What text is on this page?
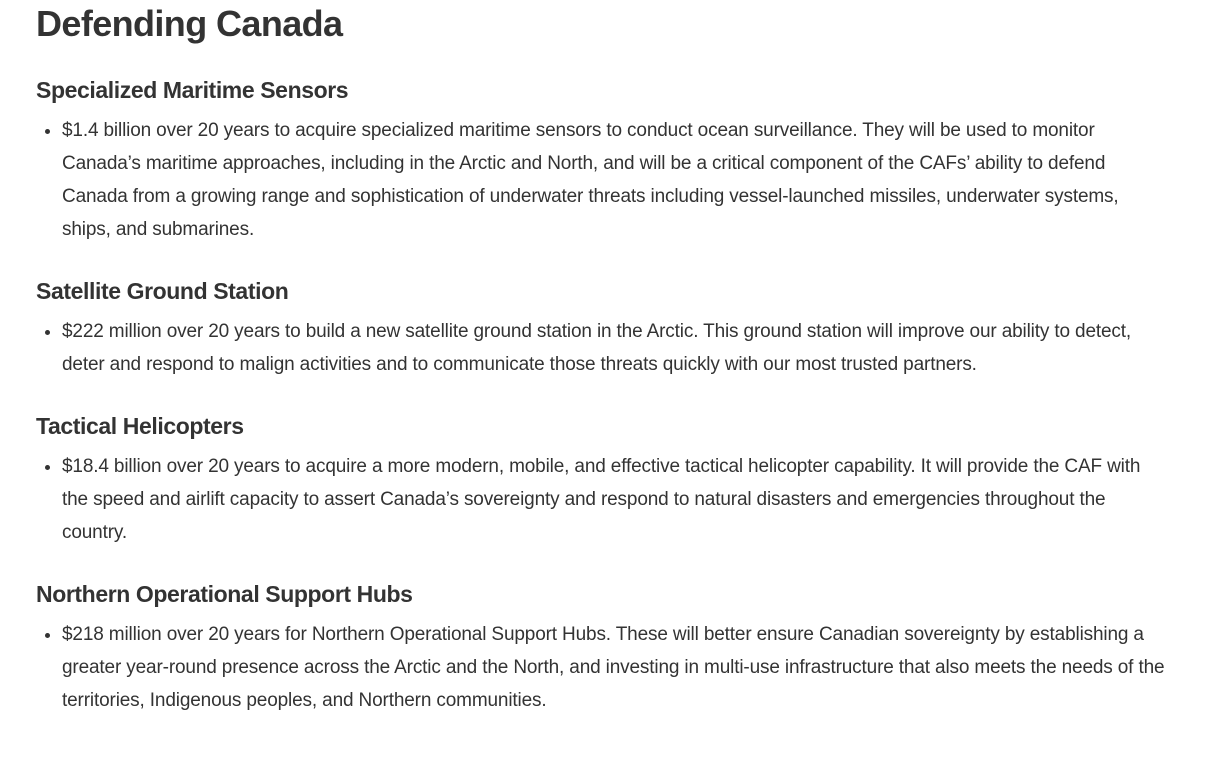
Defending Canada
Specialized Maritime Sensors
• $1.4 billion over 20 years to acquire specialized maritime sensors to conduct ocean surveillance. They will be used to monitor Canada’s maritime approaches, including in the Arctic and North, and will be a critical component of the CAFs’ ability to defend Canada from a growing range and sophistication of underwater threats including vessel-launched missiles, underwater systems, ships, and submarines.
Satellite Ground Station
• $222 million over 20 years to build a new satellite ground station in the Arctic. This ground station will improve our ability to detect, deter and respond to malign activities and to communicate those threats quickly with our most trusted partners.
Tactical Helicopters
• $18.4 billion over 20 years to acquire a more modern, mobile, and effective tactical helicopter capability. It will provide the CAF with the speed and airlift capacity to assert Canada’s sovereignty and respond to natural disasters and emergencies throughout the country.
Northern Operational Support Hubs
• $218 million over 20 years for Northern Operational Support Hubs. These will better ensure Canadian sovereignty by establishing a greater year-round presence across the Arctic and the North, and investing in multi-use infrastructure that also meets the needs of the territories, Indigenous peoples, and Northern communities.
